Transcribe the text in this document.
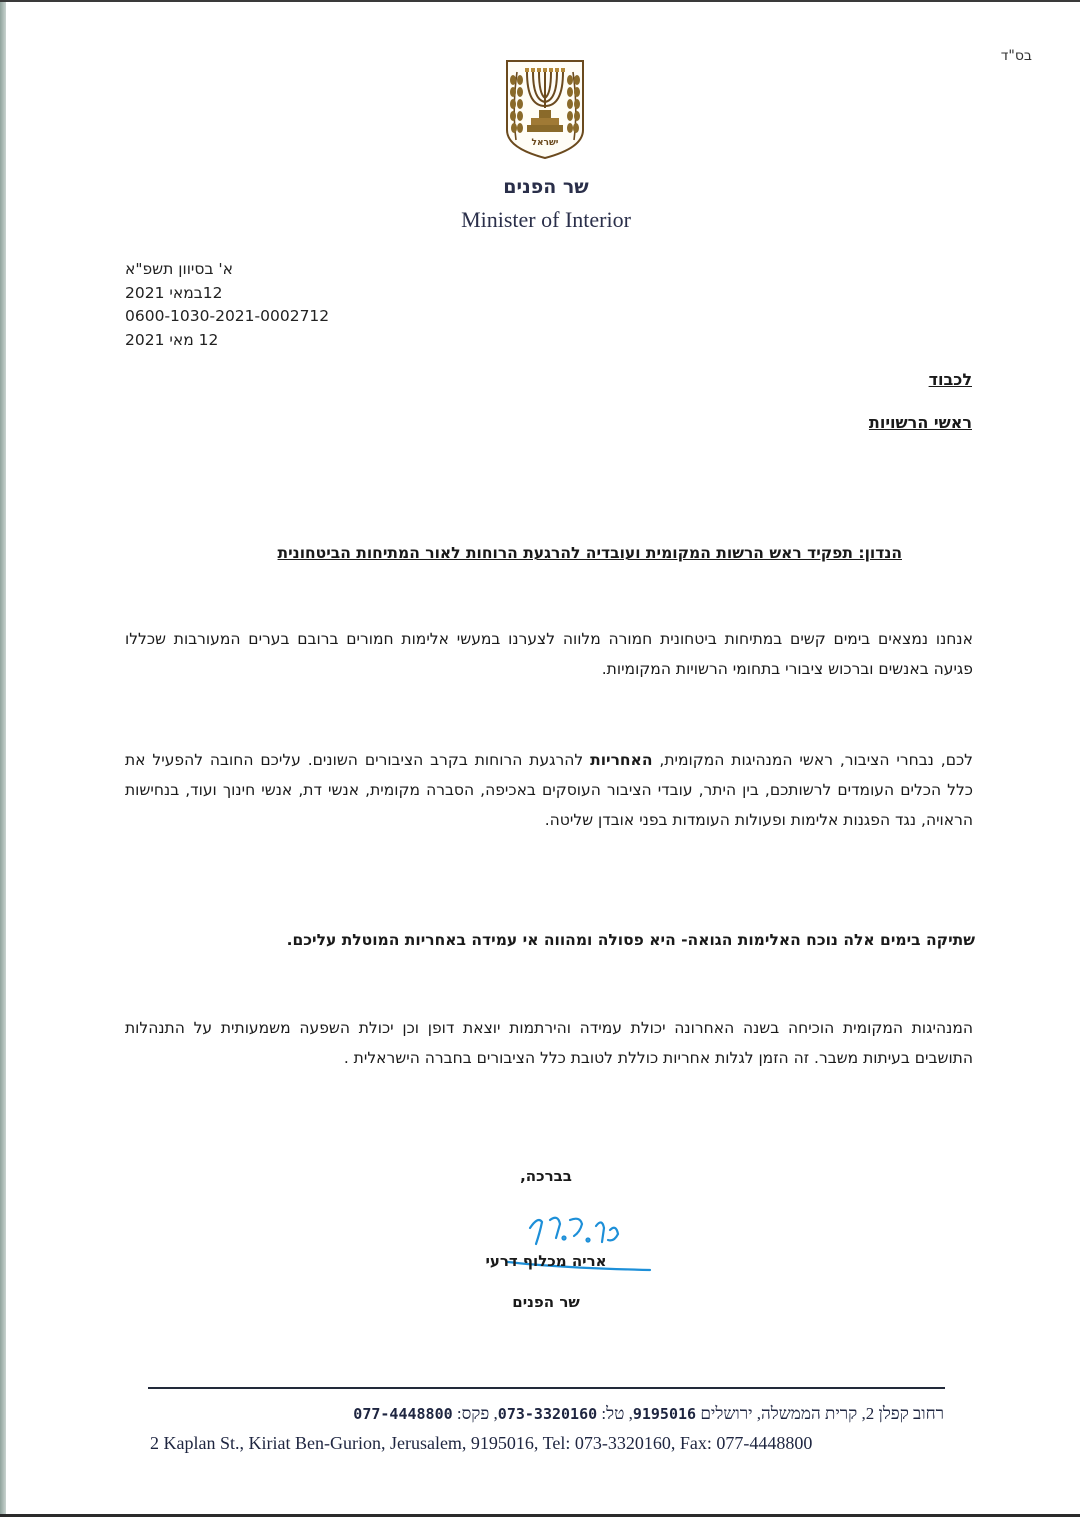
בס"ד
ישראל
שר הפנים
Minister of Interior
א' בסיוון תשפ"א
12במאי 2021
0600-1030-2021-0002712
12 מאי 2021
לכבוד
ראשי הרשויות
הנדון: תפקיד ראש הרשות המקומית ועובדיה להרגעת הרוחות לאור המתיחות הביטחונית
אנחנו נמצאים בימים קשים במתיחות ביטחונית חמורה מלווה לצערנו במעשי אלימות חמורים ברובם בערים המעורבות שכללו פגיעה באנשים וברכוש ציבורי בתחומי הרשויות המקומיות.
לכם, נבחרי הציבור, ראשי המנהיגות המקומית, האחריות להרגעת הרוחות בקרב הציבורים השונים. עליכם החובה להפעיל את כלל הכלים העומדים לרשותכם, בין היתר, עובדי הציבור העוסקים באכיפה, הסברה מקומית, אנשי דת, אנשי חינוך ועוד, בנחישות הראויה, נגד הפגנות אלימות ופעולות העומדות בפני אובדן שליטה.
שתיקה בימים אלה נוכח האלימות הגואה- היא פסולה ומהווה אי עמידה באחריות המוטלת עליכם.
המנהיגות המקומית הוכיחה בשנה האחרונה יכולת עמידה והירתמות יוצאת דופן וכן יכולת השפעה משמעותית על התנהלות התושבים בעיתות משבר. זה הזמן לגלות אחריות כוללת לטובת כלל הציבורים בחברה הישראלית .
בברכה,
אריה מכלוף דרעי
שר הפנים
רחוב קפלן 2, קרית הממשלה, ירושלים 9195016, טל: 073-3320160, פקס: 077-4448800
2 Kaplan St., Kiriat Ben-Gurion, Jerusalem, 9195016, Tel: 073-3320160, Fax: 077-4448800
